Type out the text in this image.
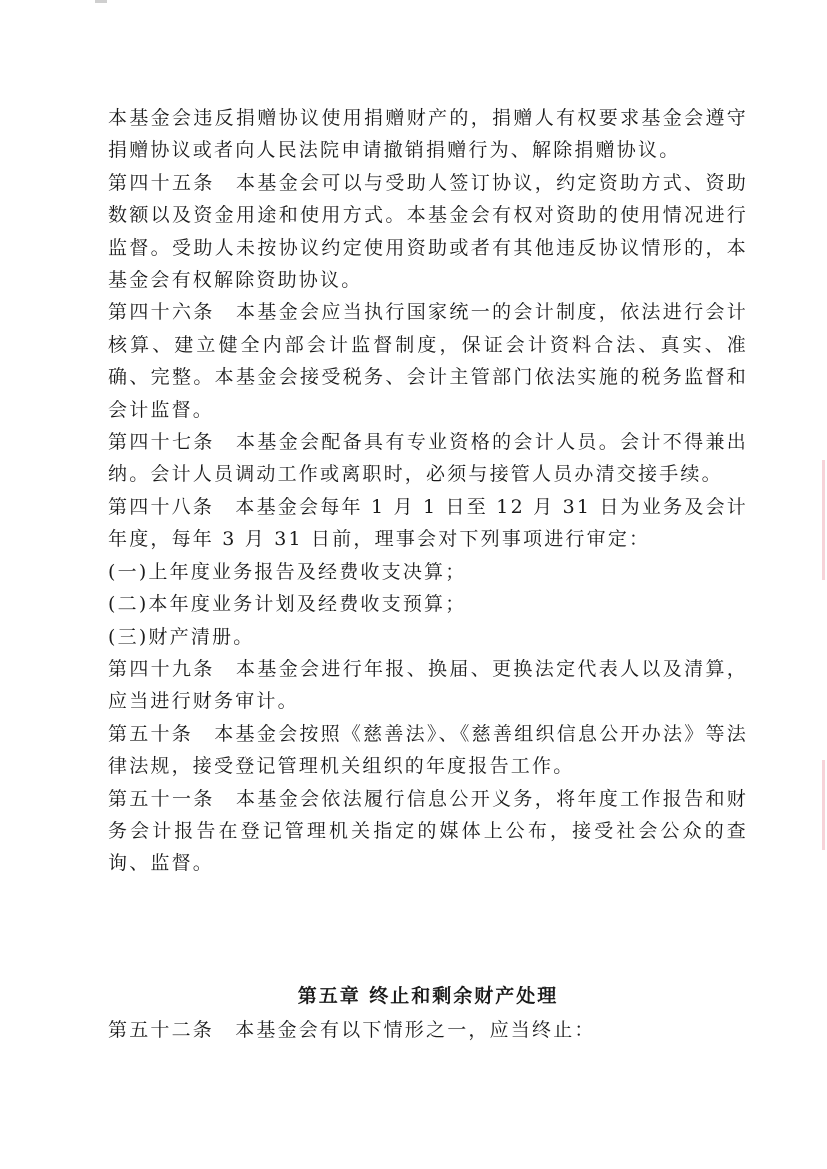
本基金会违反捐赠协议使用捐赠财产的，捐赠人有权要求基金会遵守捐赠协议或者向人民法院申请撤销捐赠行为、解除捐赠协议。

第四十五条　本基金会可以与受助人签订协议，约定资助方式、资助数额以及资金用途和使用方式。本基金会有权对资助的使用情况进行监督。受助人未按协议约定使用资助或者有其他违反协议情形的，本基金会有权解除资助协议。

第四十六条　本基金会应当执行国家统一的会计制度，依法进行会计核算、建立健全内部会计监督制度，保证会计资料合法、真实、准确、完整。本基金会接受税务、会计主管部门依法实施的税务监督和会计监督。

第四十七条　本基金会配备具有专业资格的会计人员。会计不得兼出纳。会计人员调动工作或离职时，必须与接管人员办清交接手续。

第四十八条　本基金会每年 1 月 1 日至 12 月 31 日为业务及会计年度，每年 3 月 31 日前，理事会对下列事项进行审定：

(一)上年度业务报告及经费收支决算；

(二)本年度业务计划及经费收支预算；

(三)财产清册。

第四十九条　本基金会进行年报、换届、更换法定代表人以及清算，应当进行财务审计。

第五十条　本基金会按照《慈善法》、《慈善组织信息公开办法》等法律法规，接受登记管理机关组织的年度报告工作。

第五十一条　本基金会依法履行信息公开义务，将年度工作报告和财务会计报告在登记管理机关指定的媒体上公布，接受社会公众的查询、监督。

第五章 终止和剩余财产处理

第五十二条　本基金会有以下情形之一，应当终止：
